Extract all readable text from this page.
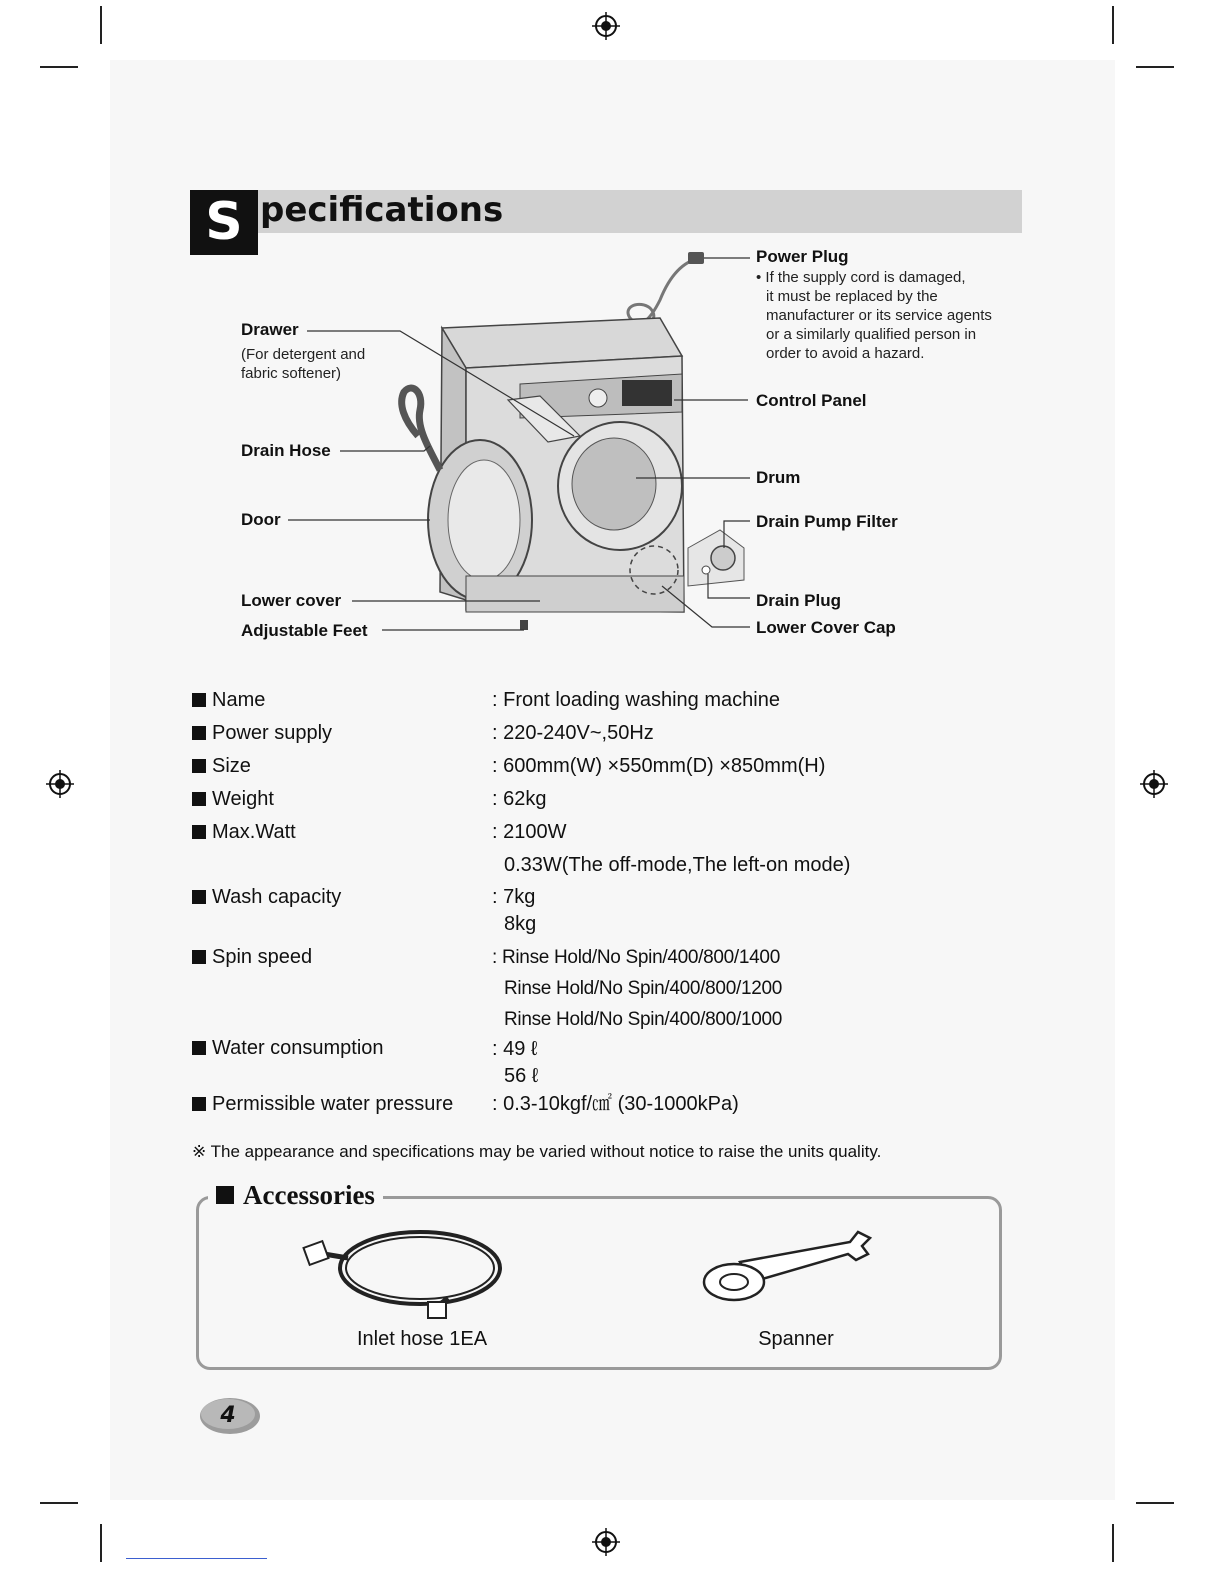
S pecifications
Power Plug
• If the supply cord is damaged,
it must be replaced by the
manufacturer or its service agents
or a similarly qualified person in
order to avoid a hazard.
Drawer
(For detergent and
fabric softener)
Control Panel
Drain Hose
Drum
Door	Drain Pump Filter
Drain Plug
Lower cover
Adjustable Feet	Lower Cover Cap
Name	: Front loading washing machine
Power supply	: 220-240V~,50Hz
Size	: 600mm(W) ×550mm(D) ×850mm(H)
Weight	: 62kg
Max.Watt	: 2100W
0.33W(The off-mode,The left-on mode)
Wash capacity	: 7kg
8kg
Spin speed	: Rinse Hold/No Spin/400/800/1400
Rinse Hold/No Spin/400/800/1200
Rinse Hold/No Spin/400/800/1000
Water consumption	: 49 ℓ
56 ℓ
Permissible water pressure : 0.3-10kgf/㎠ (30-1000kPa)
※ The appearance and specifications may be varied without notice to raise the units quality.
Accessories
Inlet hose 1EA	Spanner
4
